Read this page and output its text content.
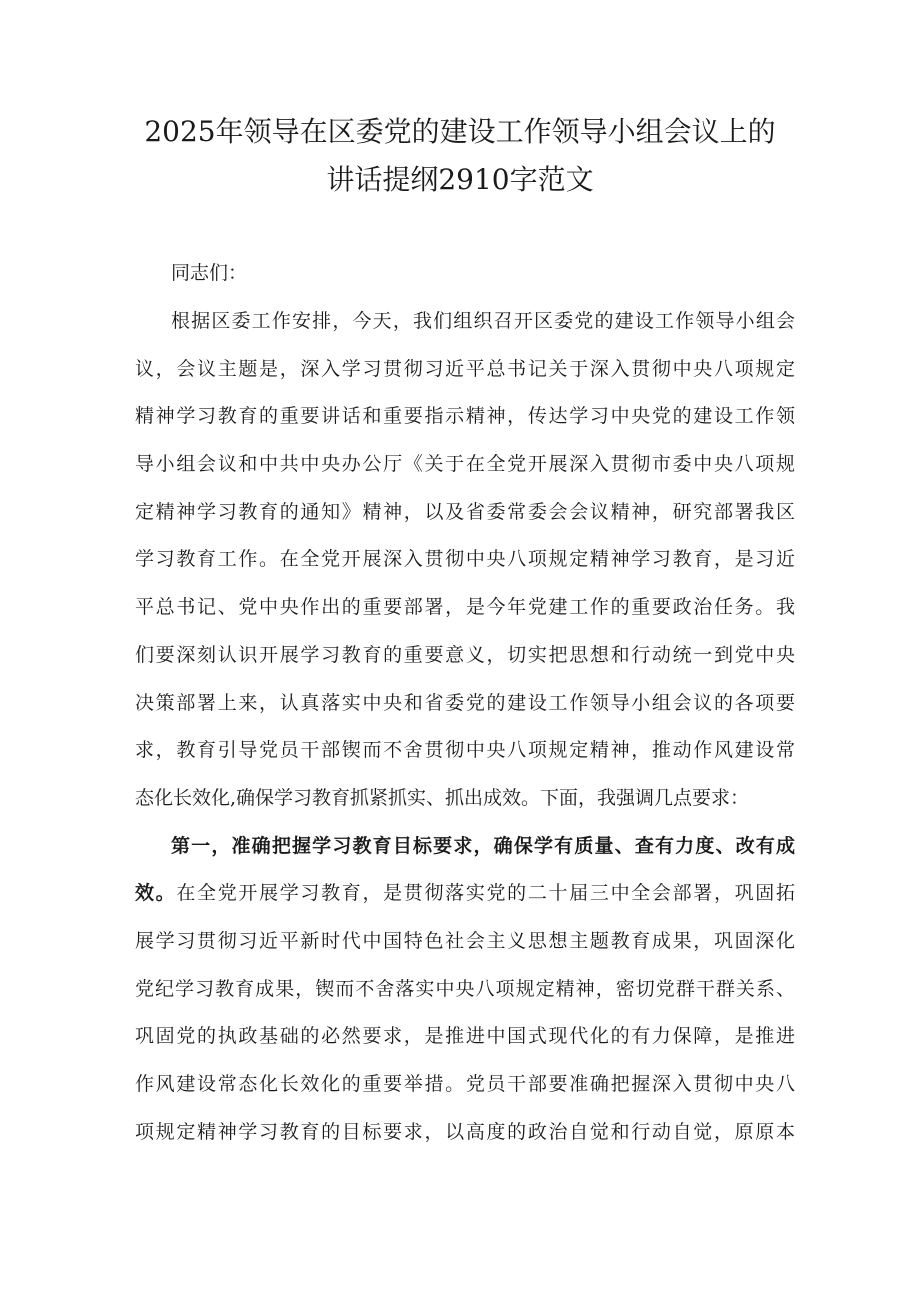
2025年领导在区委党的建设工作领导小组会议上的
讲话提纲2910字范文

同志们：

根据区委工作安排，今天，我们组织召开区委党的建设工作领导小组会
议，会议主题是，深入学习贯彻习近平总书记关于深入贯彻中央八项规定
精神学习教育的重要讲话和重要指示精神，传达学习中央党的建设工作领
导小组会议和中共中央办公厅《关于在全党开展深入贯彻市委中央八项规
定精神学习教育的通知》精神，以及省委常委会会议精神，研究部署我区
学习教育工作。在全党开展深入贯彻中央八项规定精神学习教育，是习近
平总书记、党中央作出的重要部署，是今年党建工作的重要政治任务。我
们要深刻认识开展学习教育的重要意义，切实把思想和行动统一到党中央
决策部署上来，认真落实中央和省委党的建设工作领导小组会议的各项要
求，教育引导党员干部锲而不舍贯彻中央八项规定精神，推动作风建设常
态化长效化,确保学习教育抓紧抓实、抓出成效。下面，我强调几点要求：

第一，准确把握学习教育目标要求，确保学有质量、查有力度、改有成
效。在全党开展学习教育，是贯彻落实党的二十届三中全会部署，巩固拓
展学习贯彻习近平新时代中国特色社会主义思想主题教育成果，巩固深化
党纪学习教育成果，锲而不舍落实中央八项规定精神，密切党群干群关系、
巩固党的执政基础的必然要求，是推进中国式现代化的有力保障，是推进
作风建设常态化长效化的重要举措。党员干部要准确把握深入贯彻中央八
项规定精神学习教育的目标要求，以高度的政治自觉和行动自觉，原原本
